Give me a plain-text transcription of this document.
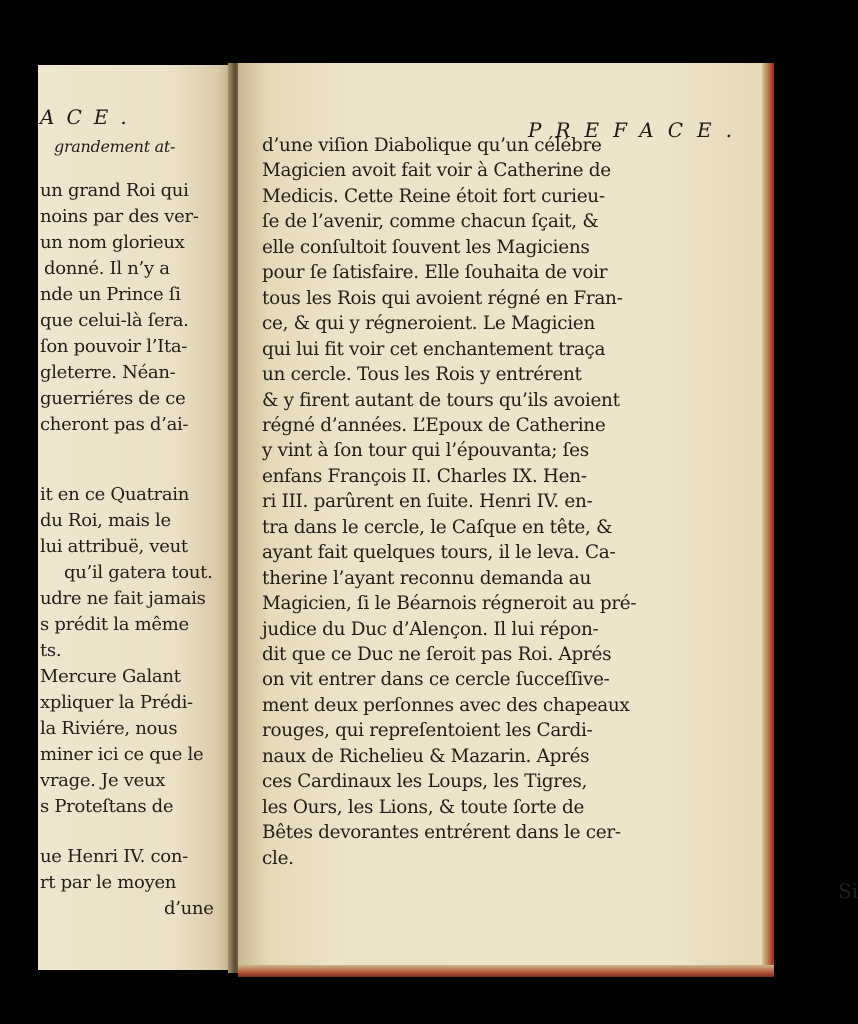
ACE.
grandement at-
un grand Roi qui
noins par des ver-
un nom glorieux
donné. Il n’y a
nde un Prince ſi
que celui-là ſera.
ſon pouvoir l’Ita-
gleterre. Néan-
guerriéres de ce
cheront pas d’ai-
it en ce Quatrain
du Roi, mais le
lui attribuë, veut
qu’il gatera tout.
udre ne fait jamais
s prédit la même
ts.
Mercure Galant
xpliquer la Prédi-
la Riviére, nous
miner ici ce que le
vrage. Je veux
s Proteſtans de
ue Henri IV. con-
rt par le moyen
d’une
PREFACE.
d’une viſion Diabolique qu’un célébre
Magicien avoit fait voir à Catherine de
Medicis. Cette Reine étoit fort curieu-
ſe de l’avenir, comme chacun ſçait, &
elle conſultoit ſouvent les Magiciens
pour ſe ſatisfaire. Elle ſouhaita de voir
tous les Rois qui avoient régné en Fran-
ce, & qui y régneroient. Le Magicien
qui lui fit voir cet enchantement traça
un cercle. Tous les Rois y entrérent
& y firent autant de tours qu’ils avoient
régné d’années. L’Epoux de Catherine
y vint à ſon tour qui l’épouvanta; ſes
enfans François II. Charles IX. Hen-
ri III. parûrent en ſuite. Henri IV. en-
tra dans le cercle, le Caſque en tête, &
ayant fait quelques tours, il le leva. Ca-
therine l’ayant reconnu demanda au
Magicien, ſi le Béarnois régneroit au pré-
judice du Duc d’Alençon. Il lui répon-
dit que ce Duc ne ſeroit pas Roi. Aprés
on vit entrer dans ce cercle ſucceſſive-
ment deux perſonnes avec des chapeaux
rouges, qui repreſentoient les Cardi-
naux de Richelieu & Mazarin. Aprés
ces Cardinaux les Loups, les Tigres,
les Ours, les Lions, & toute ſorte de
Bêtes devorantes entrérent dans le cer-
cle.
Si
